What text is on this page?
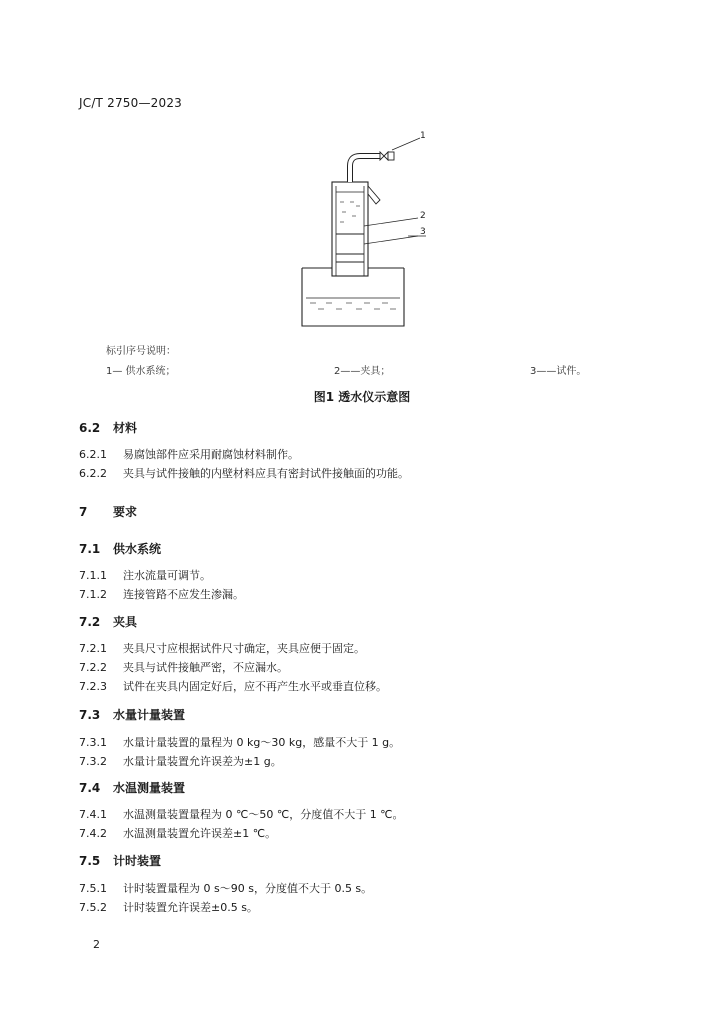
JC/T 2750—2023
1
2
3
标引序号说明：
1— 供水系统；	2——夹具；	3——试件。
图1 透水仪示意图
6.2 材料
6.2.1 易腐蚀部件应采用耐腐蚀材料制作。
6.2.2 夹具与试件接触的内壁材料应具有密封试件接触面的功能。
7 要求
7.1 供水系统
7.1.1 注水流量可调节。
7.1.2 连接管路不应发生渗漏。
7.2 夹具
7.2.1 夹具尺寸应根据试件尺寸确定，夹具应便于固定。
7.2.2 夹具与试件接触严密，不应漏水。
7.2.3 试件在夹具内固定好后，应不再产生水平或垂直位移。
7.3 水量计量装置
7.3.1 水量计量装置的量程为 0 kg～30 kg，感量不大于 1 g。
7.3.2 水量计量装置允许误差为±1 g。
7.4 水温测量装置
7.4.1 水温测量装置量程为 0 ℃～50 ℃，分度值不大于 1 ℃。
7.4.2 水温测量装置允许误差±1 ℃。
7.5 计时装置
7.5.1 计时装置量程为 0 s～90 s，分度值不大于 0.5 s。
7.5.2 计时装置允许误差±0.5 s。
2
